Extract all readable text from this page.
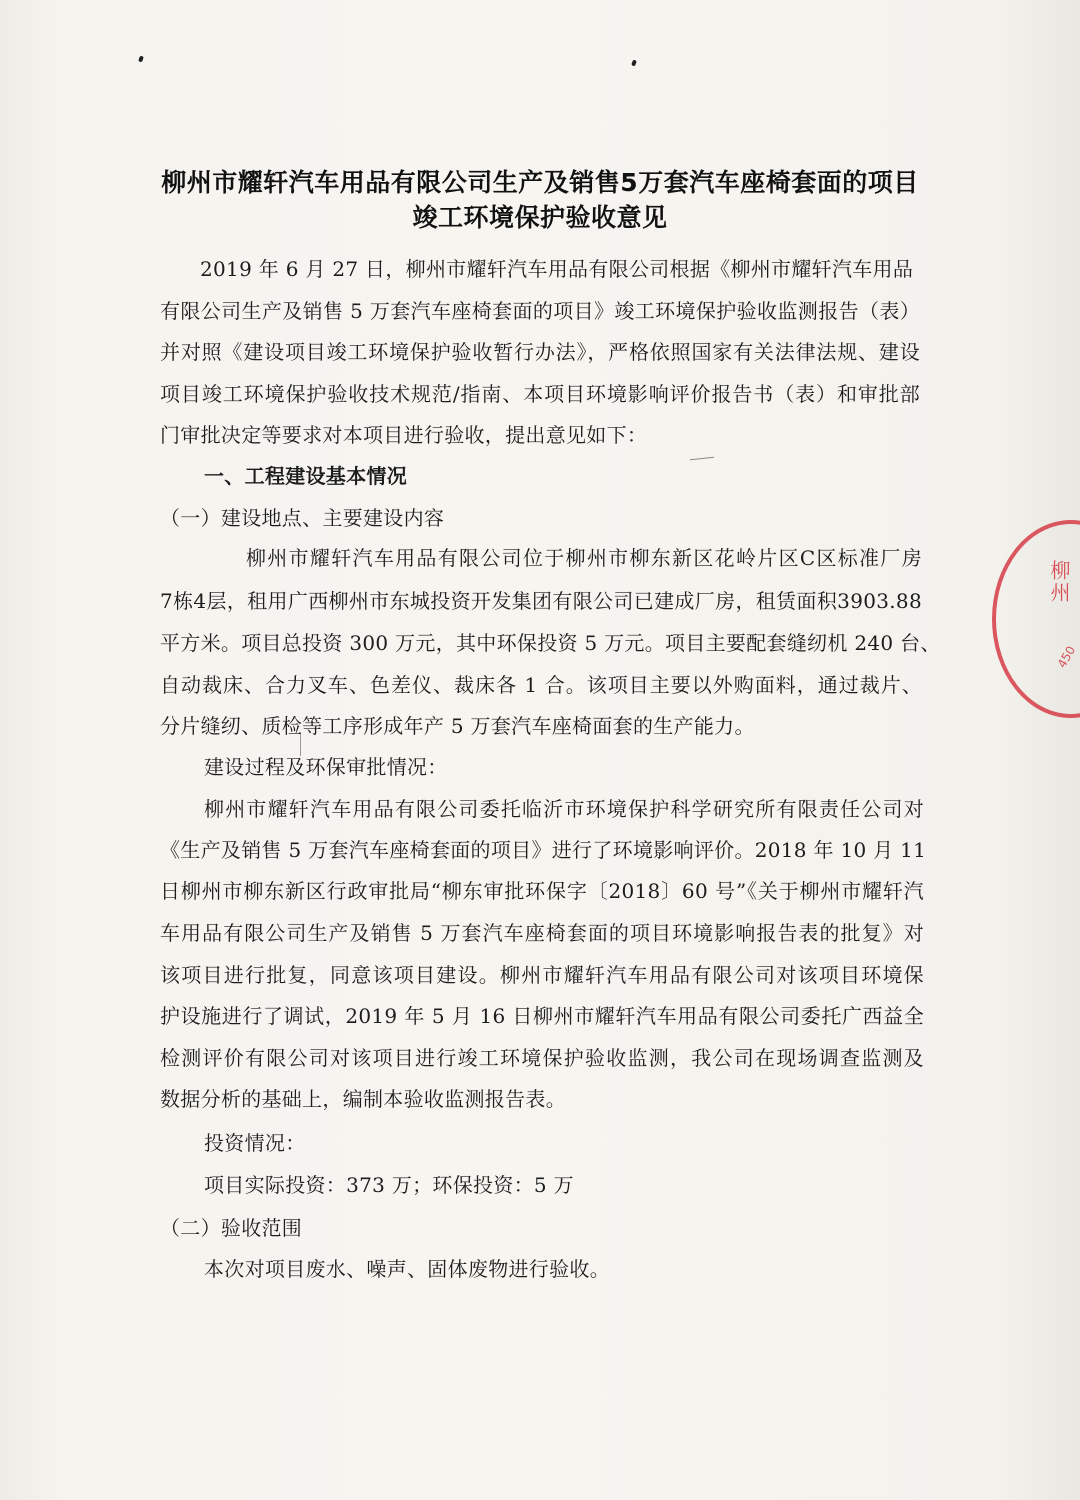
柳州市耀轩汽车用品有限公司生产及销售5万套汽车座椅套面的项目
竣工环境保护验收意见
2019 年 6 月 27 日，柳州市耀轩汽车用品有限公司根据《柳州市耀轩汽车用品
有限公司生产及销售 5 万套汽车座椅套面的项目》竣工环境保护验收监测报告（表）
并对照《建设项目竣工环境保护验收暂行办法》，严格依照国家有关法律法规、建设
项目竣工环境保护验收技术规范/指南、本项目环境影响评价报告书（表）和审批部
门审批决定等要求对本项目进行验收，提出意见如下：
一、工程建设基本情况
（一）建设地点、主要建设内容
柳州市耀轩汽车用品有限公司位于柳州市柳东新区花岭片区C区标准厂房
7栋4层，租用广西柳州市东城投资开发集团有限公司已建成厂房，租赁面积3903.88
平方米。项目总投资 300 万元，其中环保投资 5 万元。项目主要配套缝纫机 240 台、
自动裁床、合力叉车、色差仪、裁床各 1 合。该项目主要以外购面料，通过裁片、
分片缝纫、质检等工序形成年产 5 万套汽车座椅面套的生产能力。
建设过程及环保审批情况：
柳州市耀轩汽车用品有限公司委托临沂市环境保护科学研究所有限责任公司对
《生产及销售 5 万套汽车座椅套面的项目》进行了环境影响评价。2018 年 10 月 11
日柳州市柳东新区行政审批局“柳东审批环保字〔2018〕60 号”《关于柳州市耀轩汽
车用品有限公司生产及销售 5 万套汽车座椅套面的项目环境影响报告表的批复》对
该项目进行批复，同意该项目建设。柳州市耀轩汽车用品有限公司对该项目环境保
护设施进行了调试，2019 年 5 月 16 日柳州市耀轩汽车用品有限公司委托广西益全
检测评价有限公司对该项目进行竣工环境保护验收监测，我公司在现场调查监测及
数据分析的基础上，编制本验收监测报告表。
投资情况：
项目实际投资：373 万；环保投资：5 万
（二）验收范围
本次对项目废水、噪声、固体废物进行验收。
柳州
450
